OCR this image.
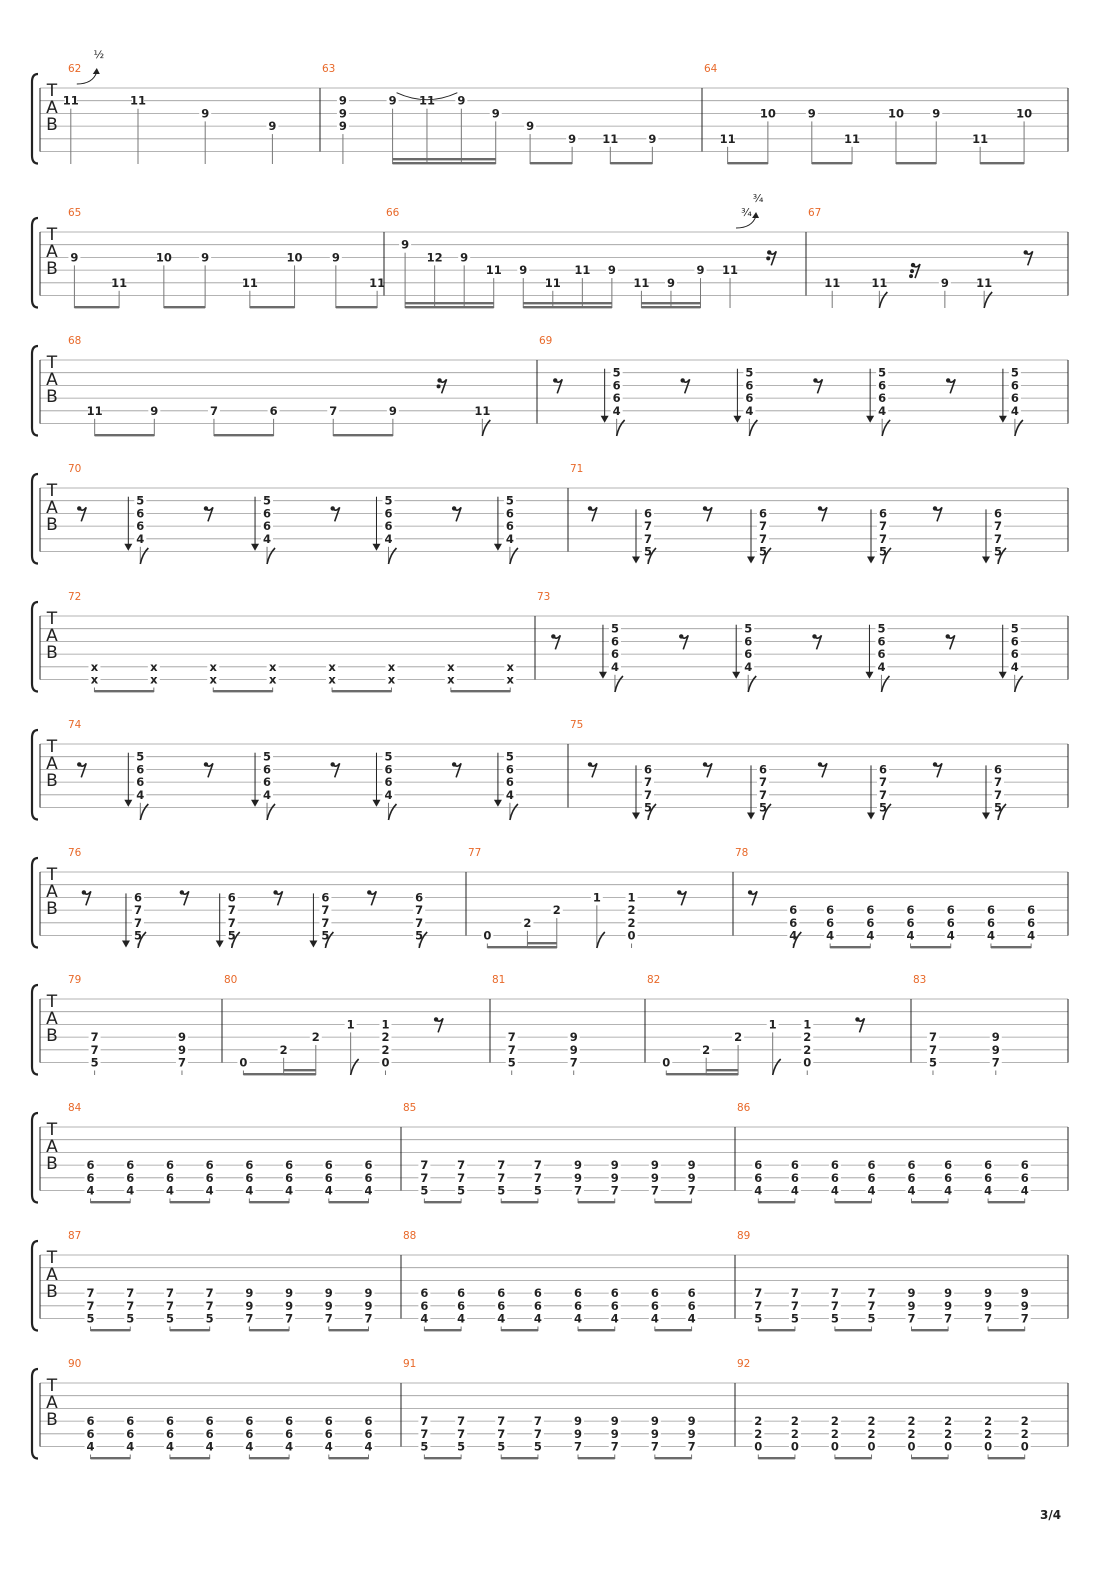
T
A
B
62
11	11
9
9
½
63
9
9
9
9 11 9
9
9
9 11	9
64
11
10	9
11
10 9
11
10
T
A
B
65
9
11
10	9
11
10	9
11
66
9
12 9
11 9
11
11 9
11 9
9 11
¾
¾	67
11	11	9 11
T
A
B
68
11	9	7	6	7	9	11
69
5
6
6
4
5
6
6
4
5
6
6
4
5
6
6
4
T
A
B
70
5
6
6
4
5
6
6
4
5
6
6
4
5
6
6
4
71
6
7
7
5
6
7
7
5
6
7
7
5
6
7
7
5
T
A
B
72
x
x
x
x
x
x
x
x
x
x
x
x
x
x
x
x
73
5
6
6
4
5
6
6
4
5
6
6
4
5
6
6
4
T
A
B
74
5
6
6
4
5
6
6
4
5
6
6
4
5
6
6
4
75
6
7
7
5
6
7
7
5
6
7
7
5
6
7
7
5
T
A
B
76
6
7
7
5
6
7
7
5
6
7
7
5
6
7
7
5
77
0
2
2
1 1
2
2
0
78
6
6
4
6
6
4
6
6
4
6
6
4
6
6
4
6
6
4
6
6
4
T
A
B
79
7
7
5
9
9
7
80
0
2
2
1 1
2
2
0
81
7
7
5
9
9
7
82
0
2
2
1 1
2
2
0
83
7
7
5
9
9
7
T
A
B
84
6
6
4
6
6
4
6
6
4
6
6
4
6
6
4
6
6
4
6
6
4
6
6
4
85
7
7
5
7
7
5
7
7
5
7
7
5
9
9
7
9
9
7
9
9
7
9
9
7
86
6
6
4
6
6
4
6
6
4
6
6
4
6
6
4
6
6
4
6
6
4
6
6
4
T
A
B
87
7
7
5
7
7
5
7
7
5
7
7
5
9
9
7
9
9
7
9
9
7
9
9
7
88
6
6
4
6
6
4
6
6
4
6
6
4
6
6
4
6
6
4
6
6
4
6
6
4
89
7
7
5
7
7
5
7
7
5
7
7
5
9
9
7
9
9
7
9
9
7
9
9
7
T
A
B
90
6
6
4
6
6
4
6
6
4
6
6
4
6
6
4
6
6
4
6
6
4
6
6
4
91
7
7
5
7
7
5
7
7
5
7
7
5
9
9
7
9
9
7
9
9
7
9
9
7
92
2
2
0
2
2
0
2
2
0
2
2
0
2
2
0
2
2
0
2
2
0
2
2
0
3/4
